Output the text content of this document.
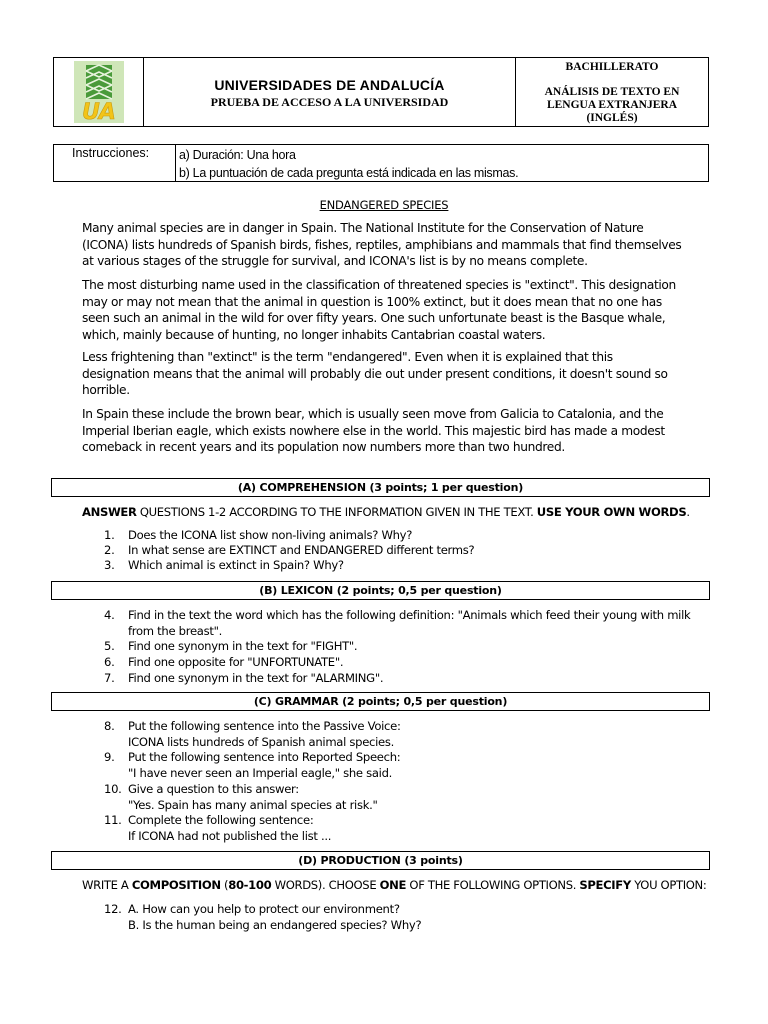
UA
UNIVERSIDADES DE ANDALUCÍA
PRUEBA DE ACCESO A LA UNIVERSIDAD
BACHILLERATO
ANÁLISIS DE TEXTO EN
LENGUA EXTRANJERA
(INGLÉS)
Instrucciones:	a) Duración: Una hora
b) La puntuación de cada pregunta está indicada en las mismas.
ENDANGERED SPECIES
Many animal species are in danger in Spain. The National Institute for the Conservation of Nature (ICONA) lists hundreds of Spanish birds, fishes, reptiles, amphibians and mammals that find themselves at various stages of the struggle for survival, and ICONA's list is by no means complete.
The most disturbing name used in the classification of threatened species is "extinct". This designation may or may not mean that the animal in question is 100% extinct, but it does mean that no one has seen such an animal in the wild for over fifty years. One such unfortunate beast is the Basque whale, which, mainly because of hunting, no longer inhabits Cantabrian coastal waters.
Less frightening than "extinct" is the term "endangered". Even when it is explained that this designation means that the animal will probably die out under present conditions, it doesn't sound so horrible.
In Spain these include the brown bear, which is usually seen move from Galicia to Catalonia, and the Imperial Iberian eagle, which exists nowhere else in the world. This majestic bird has made a modest comeback in recent years and its population now numbers more than two hundred.
(A) COMPREHENSION (3 points; 1 per question)
ANSWER QUESTIONS 1-2 ACCORDING TO THE INFORMATION GIVEN IN THE TEXT. USE YOUR OWN WORDS.
1.	Does the ICONA list show non-living animals? Why?
2.	In what sense are EXTINCT and ENDANGERED different terms?
3.	Which animal is extinct in Spain? Why?
(B) LEXICON (2 points; 0,5 per question)
4.	Find in the text the word which has the following definition: "Animals which feed their young with milk from the breast".
5.	Find one synonym in the text for "FIGHT".
6.	Find one opposite for "UNFORTUNATE".
7.	Find one synonym in the text for "ALARMING".
(C) GRAMMAR (2 points; 0,5 per question)
8.	Put the following sentence into the Passive Voice:
ICONA lists hundreds of Spanish animal species.
9.	Put the following sentence into Reported Speech:
"I have never seen an Imperial eagle," she said.
10. Give a question to this answer:
"Yes. Spain has many animal species at risk."
11. Complete the following sentence:
If ICONA had not published the list ...
(D) PRODUCTION (3 points)
WRITE A COMPOSITION (80-100 WORDS). CHOOSE ONE OF THE FOLLOWING OPTIONS. SPECIFY YOU OPTION:
12. A. How can you help to protect our environment?
B. Is the human being an endangered species? Why?
